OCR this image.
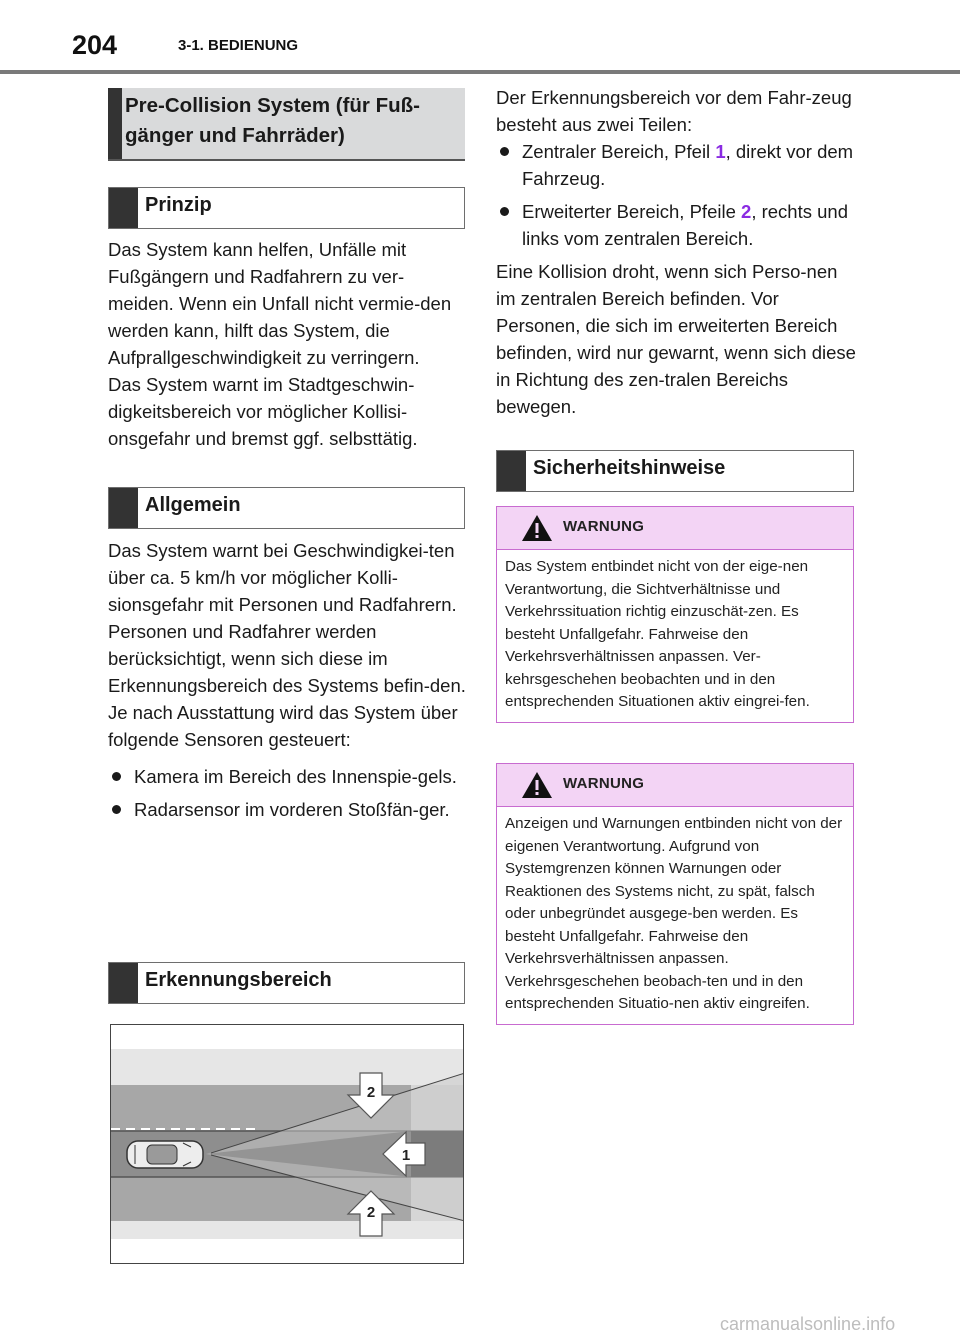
204	3-1. BEDIENUNG
Pre-Collision System (für Fuß-
gänger und Fahrräder)
Prinzip

Das System kann helfen, Unfälle mit Fußgängern und Radfahrern zu ver-meiden. Wenn ein Unfall nicht vermie-den werden kann, hilft das System, die Aufprallgeschwindigkeit zu verringern.

Das System warnt im Stadtgeschwin-digkeitsbereich vor möglicher Kollisi-onsgefahr und bremst ggf. selbsttätig.

Allgemein

Das System warnt bei Geschwindigkei-ten über ca. 5 km/h vor möglicher Kolli-sionsgefahr mit Personen und Radfahrern.

Personen und Radfahrer werden berücksichtigt, wenn sich diese im Erkennungsbereich des Systems befin-den.

Je nach Ausstattung wird das System über folgende Sensoren gesteuert:

Kamera im Bereich des Innenspie-gels.
Radarsensor im vorderen Stoßfän-ger.
Erkennungsbereich
2
1
2

Der Erkennungsbereich vor dem Fahr-zeug besteht aus zwei Teilen:

Zentraler Bereich, Pfeil 1, direkt vor dem Fahrzeug.
Erweiterter Bereich, Pfeile 2, rechts und links vom zentralen Bereich.

Eine Kollision droht, wenn sich Perso-nen im zentralen Bereich befinden. Vor Personen, die sich im erweiterten Bereich befinden, wird nur gewarnt, wenn sich diese in Richtung des zen-tralen Bereichs bewegen.

Sicherheitshinweise
WARNUNG
Das System entbindet nicht von der eige-nen Verantwortung, die Sichtverhältnisse und Verkehrssituation richtig einzuschät-zen. Es besteht Unfallgefahr. Fahrweise den Verkehrsverhältnissen anpassen. Ver-kehrsgeschehen beobachten und in den entsprechenden Situationen aktiv eingrei-fen.
WARNUNG
Anzeigen und Warnungen entbinden nicht von der eigenen Verantwortung. Aufgrund von Systemgrenzen können Warnungen oder Reaktionen des Systems nicht, zu spät, falsch oder unbegründet ausgege-ben werden. Es besteht Unfallgefahr. Fahrweise den Verkehrsverhältnissen anpassen. Verkehrsgeschehen beobach-ten und in den entsprechenden Situatio-nen aktiv eingreifen.
carmanualsonline.info
